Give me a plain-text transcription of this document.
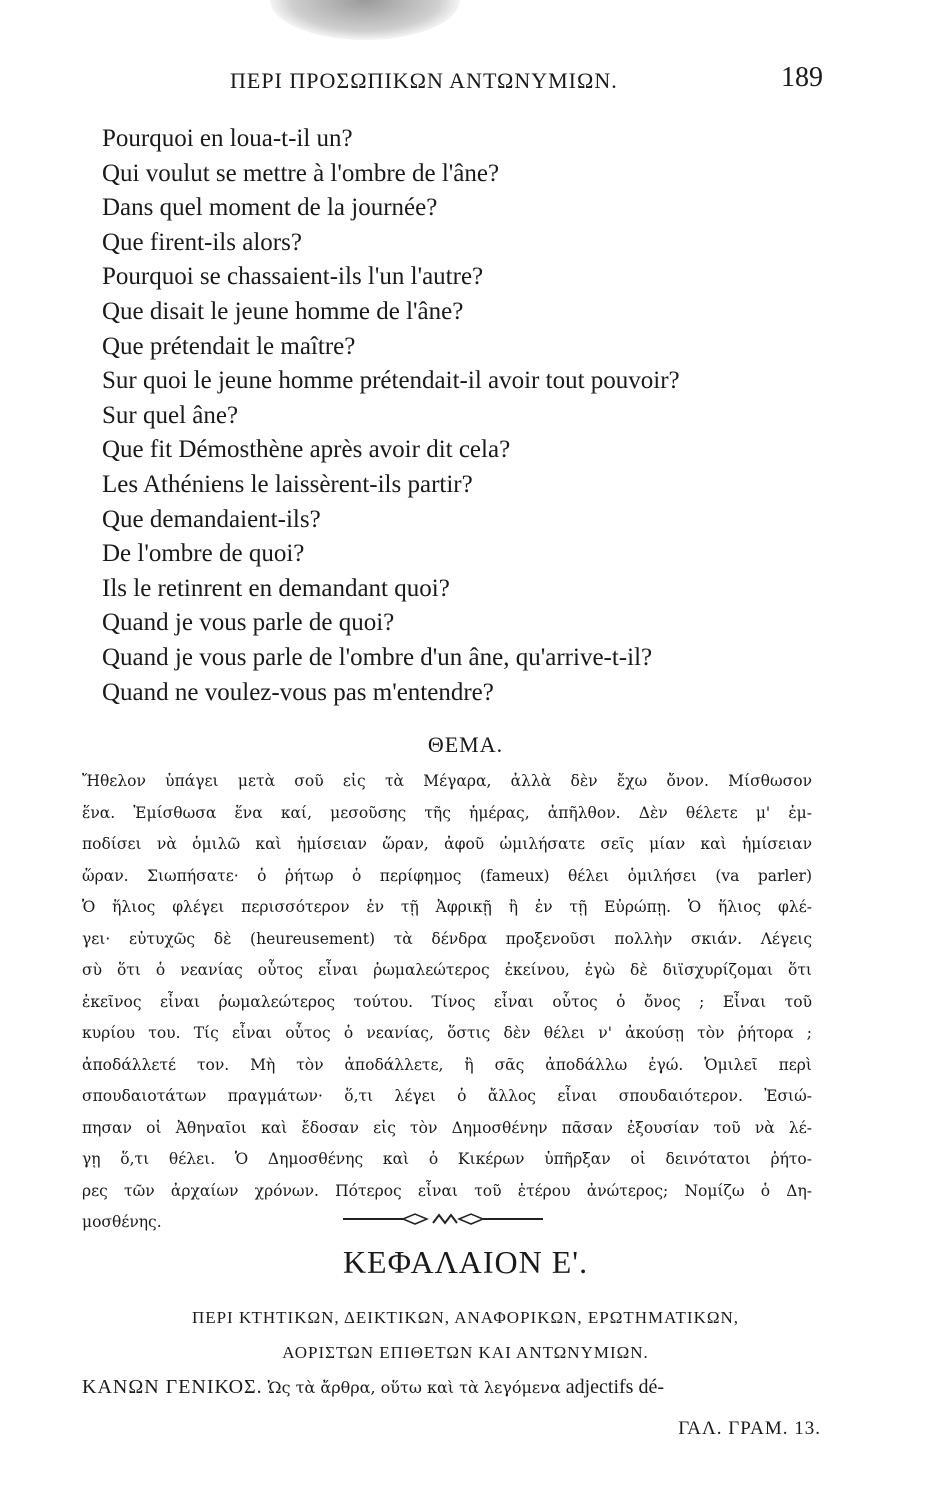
ΠΕΡΙ ΠΡΟΣΩΠΙΚΩΝ ΑΝΤΩΝΥΜΙΩΝ.	189
Pourquoi en loua-t-il un?
Qui voulut se mettre à l'ombre de l'âne?
Dans quel moment de la journée?
Que firent-ils alors?
Pourquoi se chassaient-ils l'un l'autre?
Que disait le jeune homme de l'âne?
Que prétendait le maître?
Sur quoi le jeune homme prétendait-il avoir tout pouvoir?
Sur quel âne?
Que fit Démosthène après avoir dit cela?
Les Athéniens le laissèrent-ils partir?
Que demandaient-ils?
De l'ombre de quoi?
Ils le retinrent en demandant quoi?
Quand je vous parle de quoi?
Quand je vous parle de l'ombre d'un âne, qu'arrive-t-il?
Quand ne voulez-vous pas m'entendre?
ΘΕΜΑ.
Ἤθελον ὑπάγει μετὰ σοῦ εἰς τὰ Μέγαρα, ἀλλὰ δὲν ἔχω ὄνον. Μίσθωσον
ἕνα. Ἐμίσθωσα ἕνα καί, μεσοῦσης τῆς ἡμέρας, ἀπῆλθον. Δὲν θέλετε μ' ἐμ-
ποδίσει νὰ ὁμιλῶ καὶ ἡμίσειαν ὥραν, ἀφοῦ ὡμιλήσατε σεῖς μίαν καὶ ἡμίσειαν
ὥραν. Σιωπήσατε· ὁ ῥήτωρ ὁ περίφημος (fameux) θέλει ὁμιλήσει (va parler)
Ὁ ἥλιος φλέγει περισσότερον ἐν τῇ Ἀφρικῇ ἢ ἐν τῇ Εὐρώπῃ. Ὁ ἥλιος φλέ-
γει· εὐτυχῶς δὲ (heureusement) τὰ δένδρα προξενοῦσι πολλὴν σκιάν. Λέγεις
σὺ ὅτι ὁ νεανίας οὗτος εἶναι ῥωμαλεώτερος ἐκείνου, ἐγὼ δὲ διϊσχυρίζομαι ὅτι
ἐκεῖνος εἶναι ῥωμαλεώτερος τούτου. Τίνος εἶναι οὗτος ὁ ὄνος ; Εἶναι τοῦ
κυρίου του. Τίς εἶναι οὗτος ὁ νεανίας, ὅστις δὲν θέλει ν' ἀκούσῃ τὸν ῥήτορα ;
ἀποδάλλετέ τον. Μὴ τὸν ἀποδάλλετε, ἢ σᾶς ἀποδάλλω ἐγώ. Ὁμιλεῖ περὶ
σπουδαιοτάτων πραγμάτων· ὅ,τι λέγει ὁ ἄλλος εἶναι σπουδαιότερον. Ἐσιώ-
πησαν οἱ Ἀθηναῖοι καὶ ἔδοσαν εἰς τὸν Δημοσθένην πᾶσαν ἐξουσίαν τοῦ νὰ λέ-
γῃ ὅ,τι θέλει. Ὁ Δημοσθένης καὶ ὁ Κικέρων ὑπῆρξαν οἱ δεινότατοι ῥήτο-
ρες τῶν ἀρχαίων χρόνων. Πότερος εἶναι τοῦ ἑτέρου ἀνώτερος; Νομίζω ὁ Δη-
μοσθένης.
ΚΕΦΑΛΑΙΟΝ Ε'.
ΠΕΡΙ ΚΤΗΤΙΚΩΝ, ΔΕΙΚΤΙΚΩΝ, ΑΝΑΦΟΡΙΚΩΝ, ΕΡΩΤΗΜΑΤΙΚΩΝ,
ΑΟΡΙΣΤΩΝ ΕΠΙΘΕΤΩΝ ΚΑΙ ΑΝΤΩΝΥΜΙΩΝ.
ΚΑΝΩΝ ΓΕΝΙΚΟΣ. Ὡς τὰ ἄρθρα, οὕτω καὶ τὰ λεγόμενα adjectifs dé-
ΓΑΛ. ΓΡΑΜ. 13.
